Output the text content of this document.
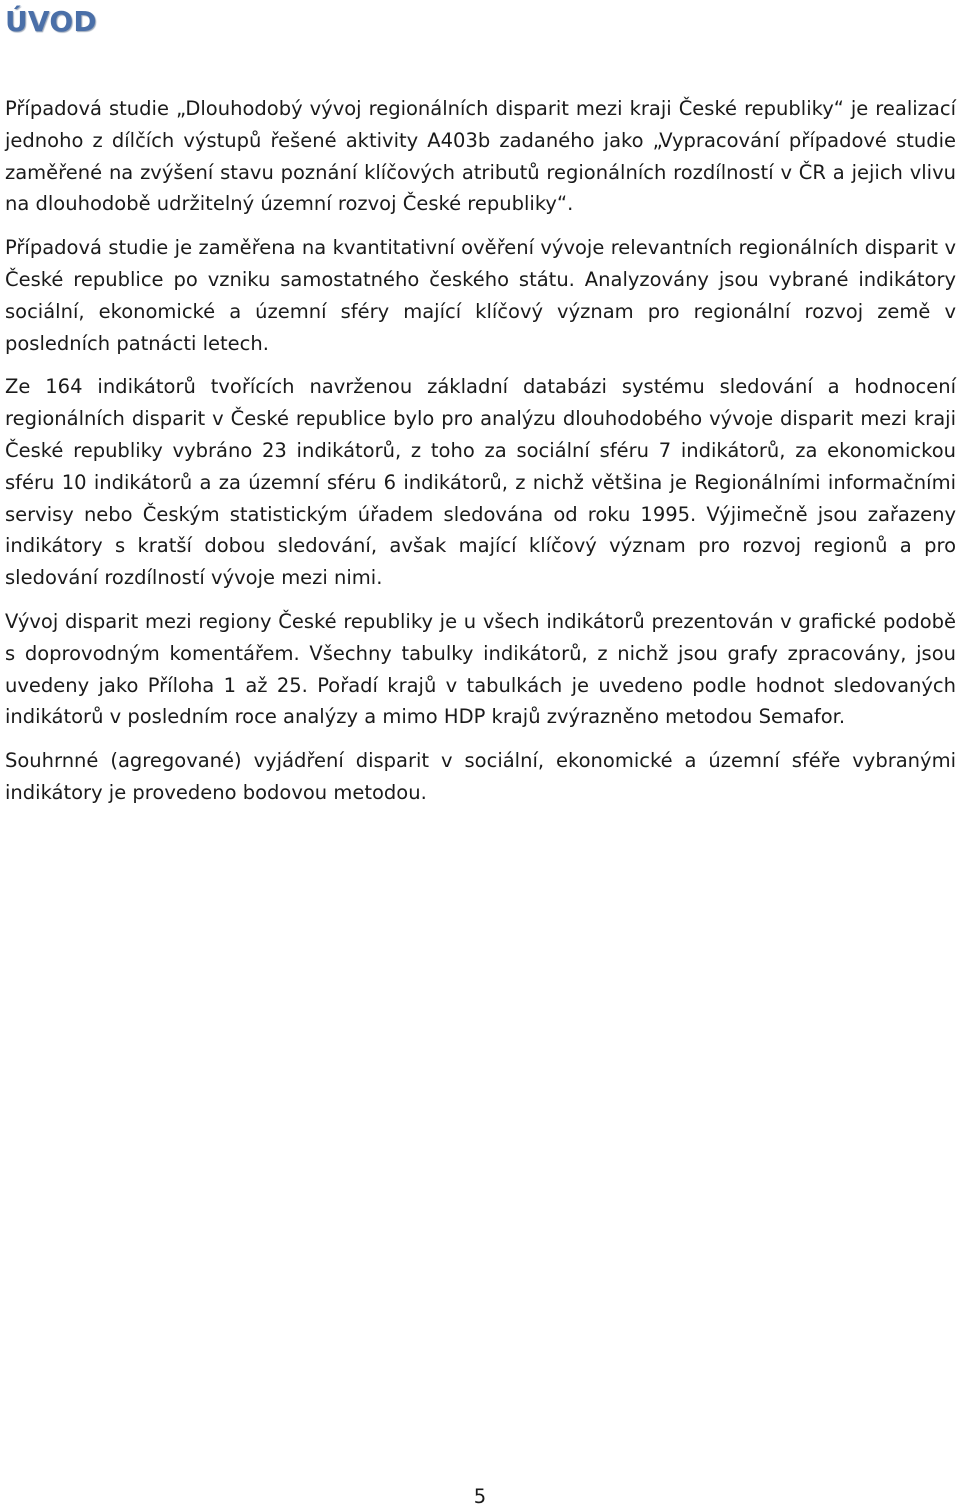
ÚVOD

Případová studie „Dlouhodobý vývoj regionálních disparit mezi kraji České republiky“ je realizací jednoho z dílčích výstupů řešené aktivity A403b zadaného jako „Vypracování případové studie zaměřené na zvýšení stavu poznání klíčových atributů regionálních rozdílností v ČR a jejich vlivu na dlouhodobě udržitelný územní rozvoj České republiky“.

Případová studie je zaměřena na kvantitativní ověření vývoje relevantních regionálních disparit v České republice po vzniku samostatného českého státu. Analyzovány jsou vybrané indikátory sociální, ekonomické a územní sféry mající klíčový význam pro regionální rozvoj země v posledních patnácti letech.

Ze 164 indikátorů tvořících navrženou základní databázi systému sledování a hodnocení regionálních disparit v České republice bylo pro analýzu dlouhodobého vývoje disparit mezi kraji České republiky vybráno 23 indikátorů, z toho za sociální sféru 7 indikátorů, za ekonomickou sféru 10 indikátorů a za územní sféru 6 indikátorů, z nichž většina je Regionálními informačními servisy nebo Českým statistickým úřadem sledována od roku 1995. Výjimečně jsou zařazeny indikátory s kratší dobou sledování, avšak mající klíčový význam pro rozvoj regionů a pro sledování rozdílností vývoje mezi nimi.

Vývoj disparit mezi regiony České republiky je u všech indikátorů prezentován v grafické podobě s doprovodným komentářem. Všechny tabulky indikátorů, z nichž jsou grafy zpracovány, jsou uvedeny jako Příloha 1 až 25. Pořadí krajů v tabulkách je uvedeno podle hodnot sledovaných indikátorů v posledním roce analýzy a mimo HDP krajů zvýrazněno metodou Semafor.

Souhrnné (agregované) vyjádření disparit v sociální, ekonomické a územní sféře vybranými indikátory je provedeno bodovou metodou.

5
